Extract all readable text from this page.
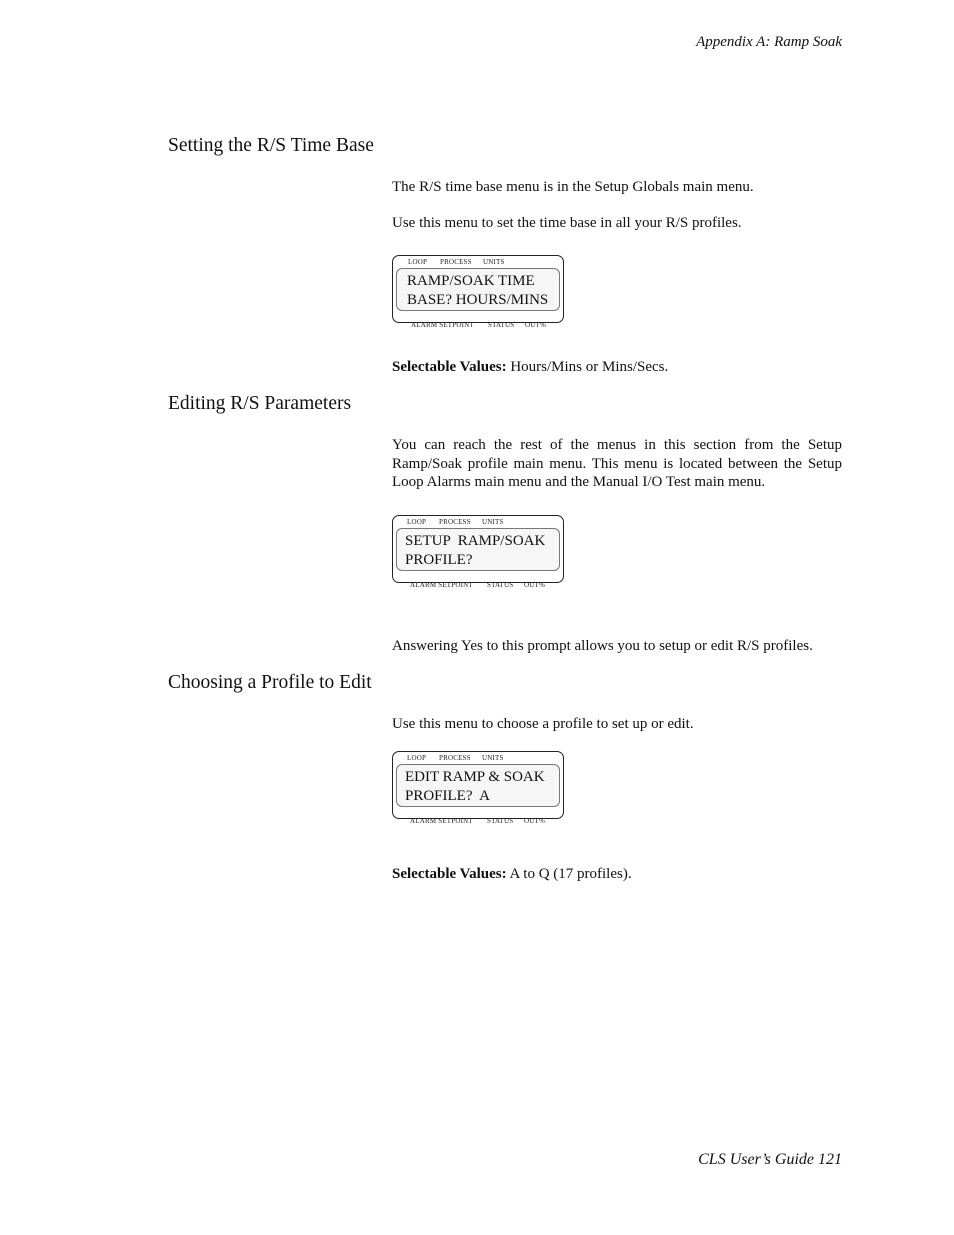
Appendix A: Ramp Soak
Setting the R/S Time Base
The R/S time base menu is in the Setup Globals main menu.
Use this menu to set the time base in all your R/S profiles.
LOOP PROCESS UNITS
RAMP/SOAK TIME
BASE? HOURS/MINS
ALARM SETPOINT STATUS OUT%
Selectable Values: Hours/Mins or Mins/Secs.
Editing R/S Parameters
You can reach the rest of the menus in this section from the Setup Ramp/Soak profile main menu. This menu is located between the Setup Loop Alarms main menu and the Manual I/O Test main menu.
LOOP PROCESS UNITS
SETUP  RAMP/SOAK
PROFILE?
ALARM SETPOINT STATUS OUT%
Answering Yes to this prompt allows you to setup or edit R/S profiles.
Choosing a Profile to Edit
Use this menu to choose a profile to set up or edit.
LOOP PROCESS UNITS
EDIT RAMP & SOAK
PROFILE?  A
ALARM SETPOINT STATUS OUT%
Selectable Values: A to Q (17 profiles).
CLS User’s Guide 121
